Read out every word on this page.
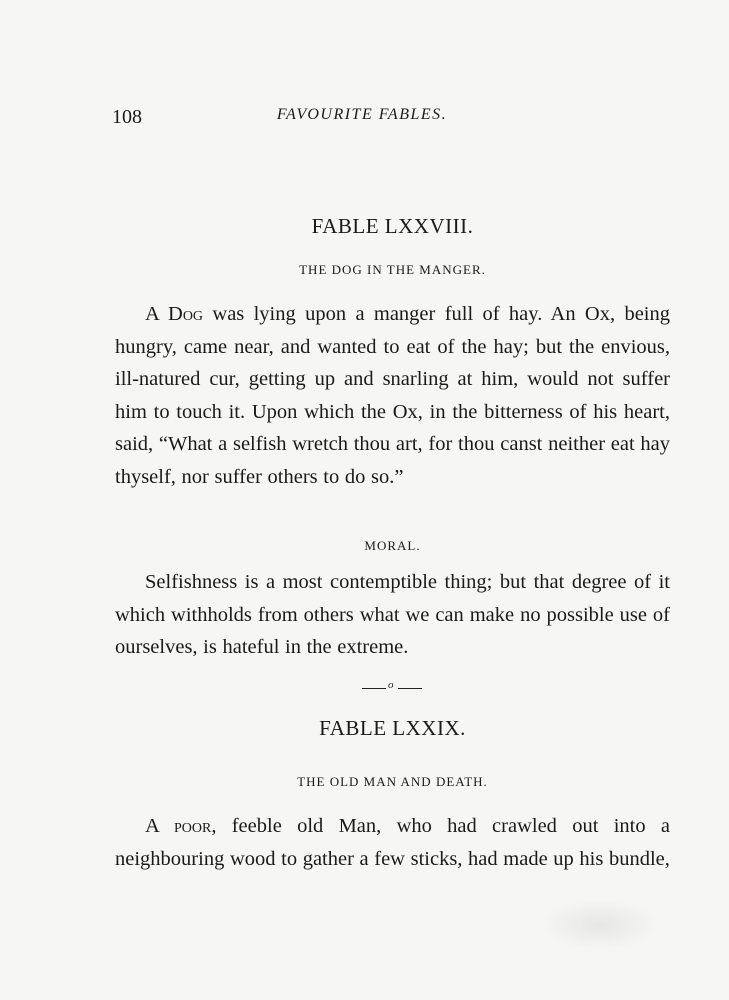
108	FAVOURITE FABLES.
FABLE LXXVIII.
THE DOG IN THE MANGER.

A Dog was lying upon a manger full of hay. An Ox, being hungry, came near, and wanted to eat of the hay; but the envious, ill-natured cur, getting up and snarling at him, would not suffer him to touch it. Upon which the Ox, in the bitterness of his heart, said, “What a selfish wretch thou art, for thou canst neither eat hay thyself, nor suffer others to do so.”

MORAL.

Selfishness is a most contemptible thing; but that degree of it which withholds from others what we can make no possible use of ourselves, is hateful in the extreme.

o
FABLE LXXIX.
THE OLD MAN AND DEATH.

A poor, feeble old Man, who had crawled out into a neighbouring wood to gather a few sticks, had made up his bundle,
